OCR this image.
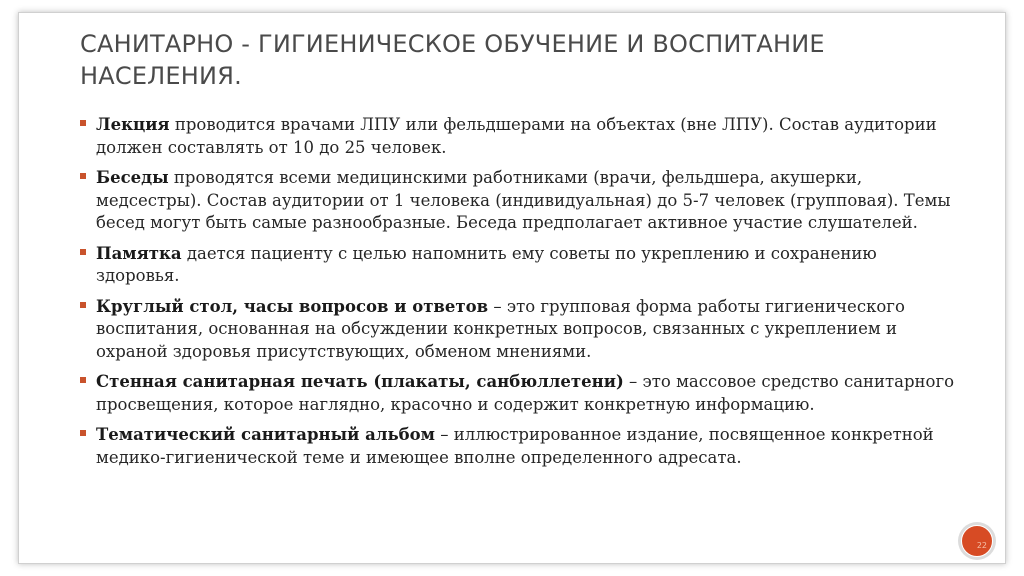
САНИТАРНО - ГИГИЕНИЧЕСКОЕ ОБУЧЕНИЕ И ВОСПИТАНИЕ НАСЕЛЕНИЯ.
Лекция проводится врачами ЛПУ или фельдшерами на объектах (вне ЛПУ). Состав аудитории должен составлять от 10 до 25 человек.
Беседы проводятся всеми медицинскими работниками (врачи, фельдшера, акушерки, медсестры). Состав аудитории от 1 человека (индивидуальная) до 5-7 человек (групповая). Темы бесед могут быть самые разнообразные. Беседа предполагает активное участие слушателей.
Памятка дается пациенту с целью напомнить ему советы по укреплению и сохранению здоровья.
Круглый стол, часы вопросов и ответов – это групповая форма работы гигиенического воспитания, основанная на обсуждении конкретных вопросов, связанных с укреплением и охраной здоровья присутствующих, обменом мнениями.
Стенная санитарная печать (плакаты, санбюллетени) – это массовое средство санитарного просвещения, которое наглядно, красочно и содержит конкретную информацию.
Тематический санитарный альбом – иллюстрированное издание, посвященное конкретной медико-гигиенической теме и имеющее вполне определенного адресата.
22
